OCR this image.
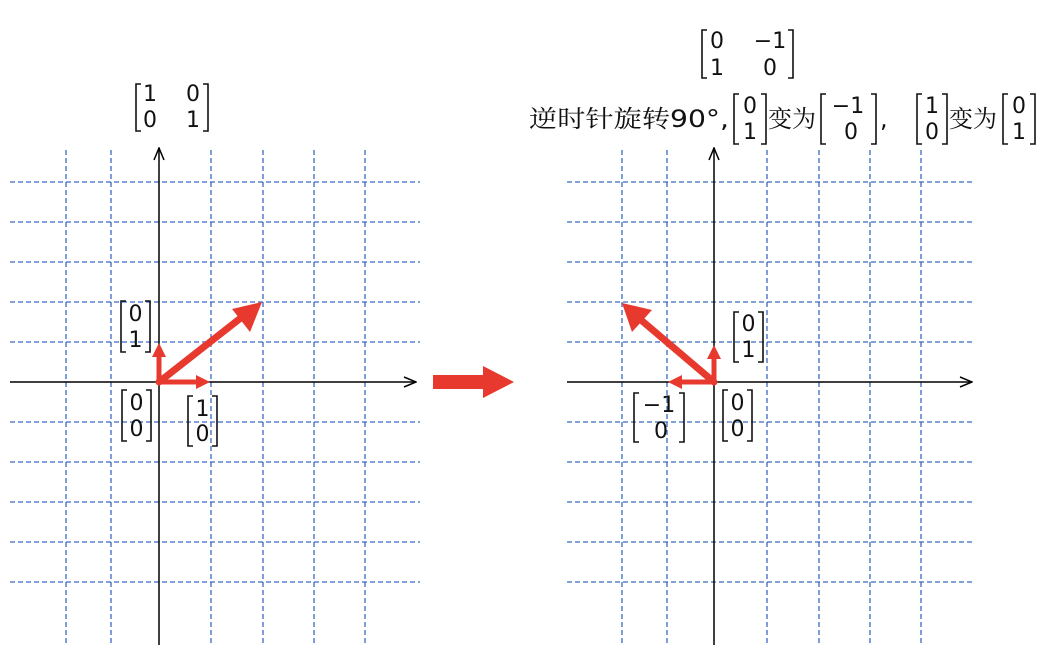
1 0
0 1
0
1
0
0
1
0
0 −1
1 0
逆时针旋转90°, 0
1 变为 −1
0 , 1
0 变为 0
1
0
1
0
0
−1
0
